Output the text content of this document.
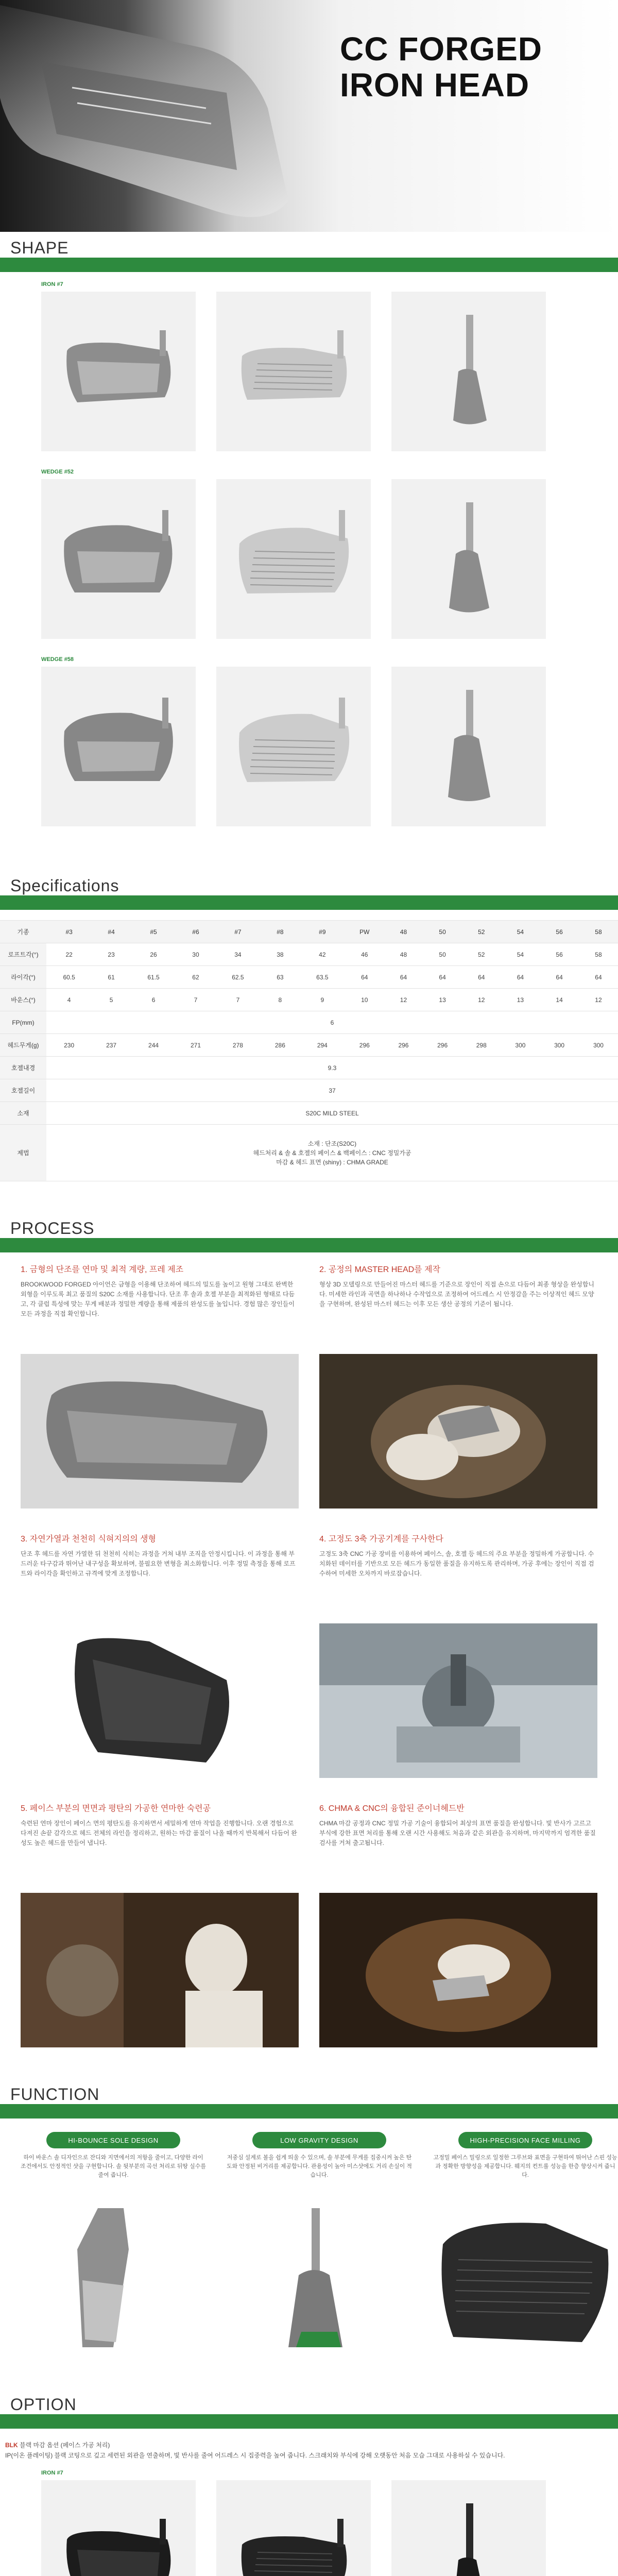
CC FORGED
IRON HEAD
SHAPE
IRON #7
WEDGE #52
WEDGE #58
Specifications
기종	#3	#4	#5	#6	#7	#8	#9	PW	48	50	52	54	56	58
로프트각(°)	22	23	26	30	34	38	42	46	48	50	52	54	56	58
라이각(°)	60.5	61	61.5	62	62.5	63	63.5	64	64	64	64	64	64	64
바운스(°)	4	5	6	7	7	8	9	10	12	13	12	13	14	12
FP(mm)	6													
헤드무게(g)	230	237	244	271	278	286	294	296	296	296	298	300	300	300
호젤내경	9.3													
호젤길이	37													
소재	S20C MILD STEEL													
제법	소재 : 단조(S20C)
헤드처리 & 솔 & 호젤의 페이스 & 백페이스 : CNC 정밀가공
마감 & 헤드 표면 (shiny) : CHMA GRADE													
PROCESS
1. 금형의 단조를 연마 및 최적 계량, 프레 제조
BROOKWOOD FORGED 아이언은 금형을 이용해 단조하여 헤드의 밀도를 높이고 원형 그대로 완벽한 외형을 이루도록 최고 품질의 S20C 소재를 사용합니다. 단조 후 솔과 호젤 부분을 최적화된 형태로 다듬고, 각 클럽 특성에 맞는 무게 배분과 정밀한 계량을 통해 제품의 완성도를 높입니다. 경험 많은 장인들이 모든 과정을 직접 확인합니다.
2. 공정의 MASTER HEAD를 제작
형상 3D 모델링으로 만들어진 마스터 헤드를 기준으로 장인이 직접 손으로 다듬어 최종 형상을 완성합니다. 미세한 라인과 곡면을 하나하나 수작업으로 조정하여 어드레스 시 안정감을 주는 이상적인 헤드 모양을 구현하며, 완성된 마스터 헤드는 이후 모든 생산 공정의 기준이 됩니다.
3. 자연가열과 천천히 식혀지의의 생형
단조 후 헤드를 자연 가열한 뒤 천천히 식히는 과정을 거쳐 내부 조직을 안정시킵니다. 이 과정을 통해 부드러운 타구감과 뛰어난 내구성을 확보하며, 불필요한 변형을 최소화합니다. 이후 정밀 측정을 통해 로프트와 라이각을 확인하고 규격에 맞게 조정합니다.
4. 고정도 3축 가공기계를 구사한다
고정도 3축 CNC 가공 장비를 이용하여 페이스, 솔, 호젤 등 헤드의 주요 부분을 정밀하게 가공합니다. 수치화된 데이터를 기반으로 모든 헤드가 동일한 품질을 유지하도록 관리하며, 가공 후에는 장인이 직접 검수하여 미세한 오차까지 바로잡습니다.
5. 페이스 부분의 면면과 평탄의 가공한 연마한 숙련공
숙련된 연마 장인이 페이스 면의 평탄도를 유지하면서 세밀하게 연마 작업을 진행합니다. 오랜 경험으로 다져진 손끝 감각으로 헤드 전체의 라인을 정리하고, 원하는 마감 품질이 나올 때까지 반복해서 다듬어 완성도 높은 헤드를 만들어 냅니다.
6. CHMA & CNC의 융합된 준이너헤드반
CHMA 마감 공정과 CNC 정밀 가공 기술이 융합되어 최상의 표면 품질을 완성합니다. 빛 반사가 고르고 부식에 강한 표면 처리를 통해 오랜 시간 사용해도 처음과 같은 외관을 유지하며, 마지막까지 엄격한 품질 검사를 거쳐 출고됩니다.
FUNCTION
HI-BOUNCE SOLE DESIGN
하이 바운스 솔 디자인으로 잔디와 지면에서의 저항을 줄이고, 다양한 라이 조건에서도 안정적인 샷을 구현합니다. 솔 뒷부분의 곡선 처리로 뒤땅 실수를 줄여 줍니다.
LOW GRAVITY DESIGN
저중심 설계로 볼을 쉽게 띄울 수 있으며, 솔 부분에 무게를 집중시켜 높은 탄도와 안정된 비거리를 제공합니다. 관용성이 높아 미스샷에도 거리 손실이 적습니다.
HIGH-PRECISION FACE MILLING
고정밀 페이스 밀링으로 일정한 그루브와 표면을 구현하여 뛰어난 스핀 성능과 정확한 방향성을 제공합니다. 웨지의 컨트롤 성능을 한층 향상시켜 줍니다.
OPTION
BLK 블랙 마감 옵션 (페이스 가공 처리)
IP(이온 플레이팅) 블랙 코팅으로 깊고 세련된 외관을 연출하며, 빛 반사를 줄여 어드레스 시 집중력을 높여 줍니다. 스크래치와 부식에 강해 오랫동안 처음 모습 그대로 사용하실 수 있습니다.
IRON #7
